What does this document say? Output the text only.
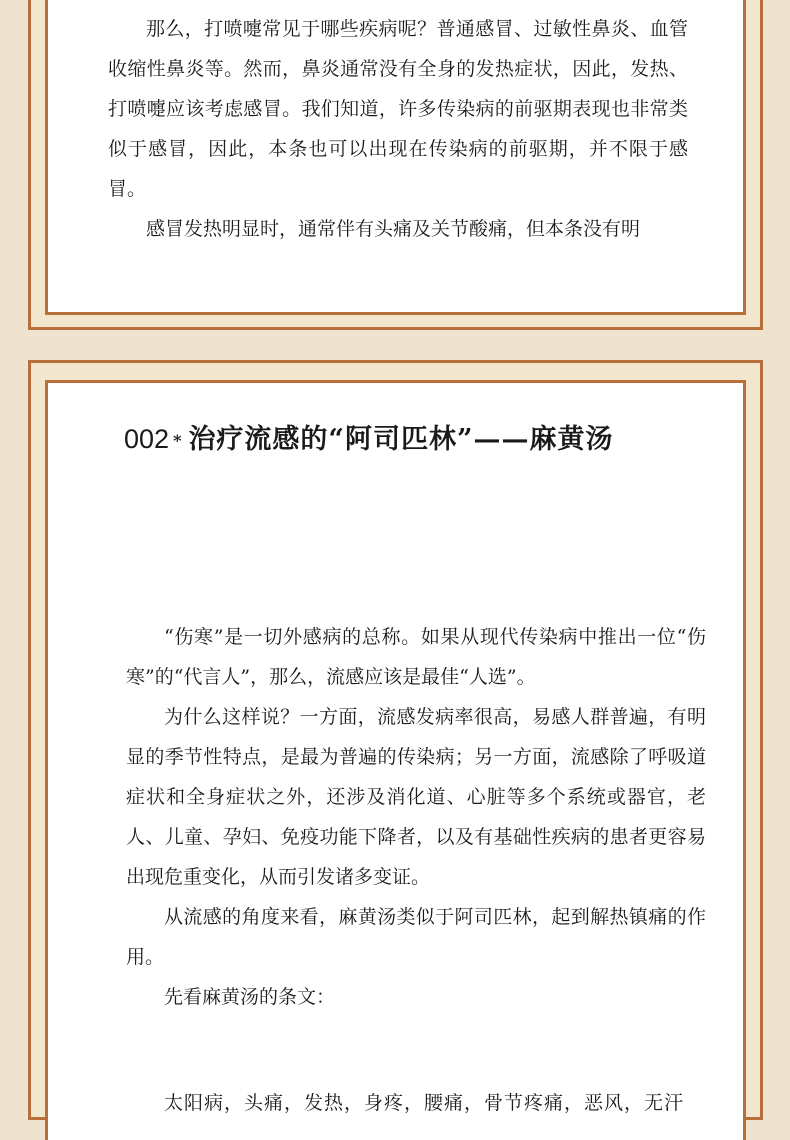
那么，打喷嚏常见于哪些疾病呢？普通感冒、过敏性鼻炎、血管收缩性鼻炎等。然而，鼻炎通常没有全身的发热症状，因此，发热、打喷嚏应该考虑感冒。我们知道，许多传染病的前驱期表现也非常类似于感冒，因此，本条也可以出现在传染病的前驱期，并不限于感冒。

感冒发热明显时，通常伴有头痛及关节酸痛，但本条没有明

002 * 治疗流感的“阿司匹林”——麻黄汤

“伤寒”是一切外感病的总称。如果从现代传染病中推出一位“伤寒”的“代言人”，那么，流感应该是最佳“人选”。

为什么这样说？一方面，流感发病率很高，易感人群普遍，有明显的季节性特点，是最为普遍的传染病；另一方面，流感除了呼吸道症状和全身症状之外，还涉及消化道、心脏等多个系统或器官，老人、儿童、孕妇、免疫功能下降者，以及有基础性疾病的患者更容易出现危重变化，从而引发诸多变证。

从流感的角度来看，麻黄汤类似于阿司匹林，起到解热镇痛的作用。

先看麻黄汤的条文：

太阳病，头痛，发热，身疼，腰痛，骨节疼痛，恶风，无汗
